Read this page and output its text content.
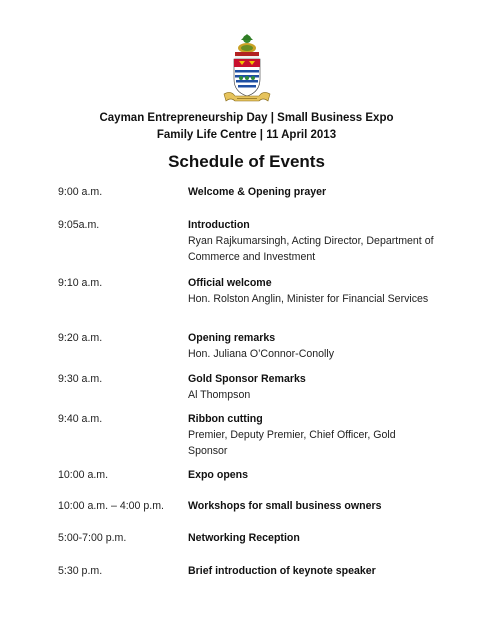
Cayman Entrepreneurship Day | Small Business Expo
Family Life Centre | 11 April 2013
Schedule of Events
9:00 a.m.	Welcome & Opening prayer
9:05a.m.	Introduction
Ryan Rajkumarsingh, Acting Director, Department of Commerce and Investment
9:10 a.m.	Official welcome
Hon. Rolston Anglin, Minister for Financial Services
9:20 a.m.	Opening remarks
Hon. Juliana O’Connor-Conolly
9:30 a.m.	Gold Sponsor Remarks
Al Thompson
9:40 a.m.	Ribbon cutting
Premier, Deputy Premier, Chief Officer, Gold Sponsor
10:00 a.m.	Expo opens
10:00 a.m. – 4:00 p.m. Workshops for small business owners
5:00-7:00 p.m.	Networking Reception
5:30 p.m.	Brief introduction of keynote speaker
